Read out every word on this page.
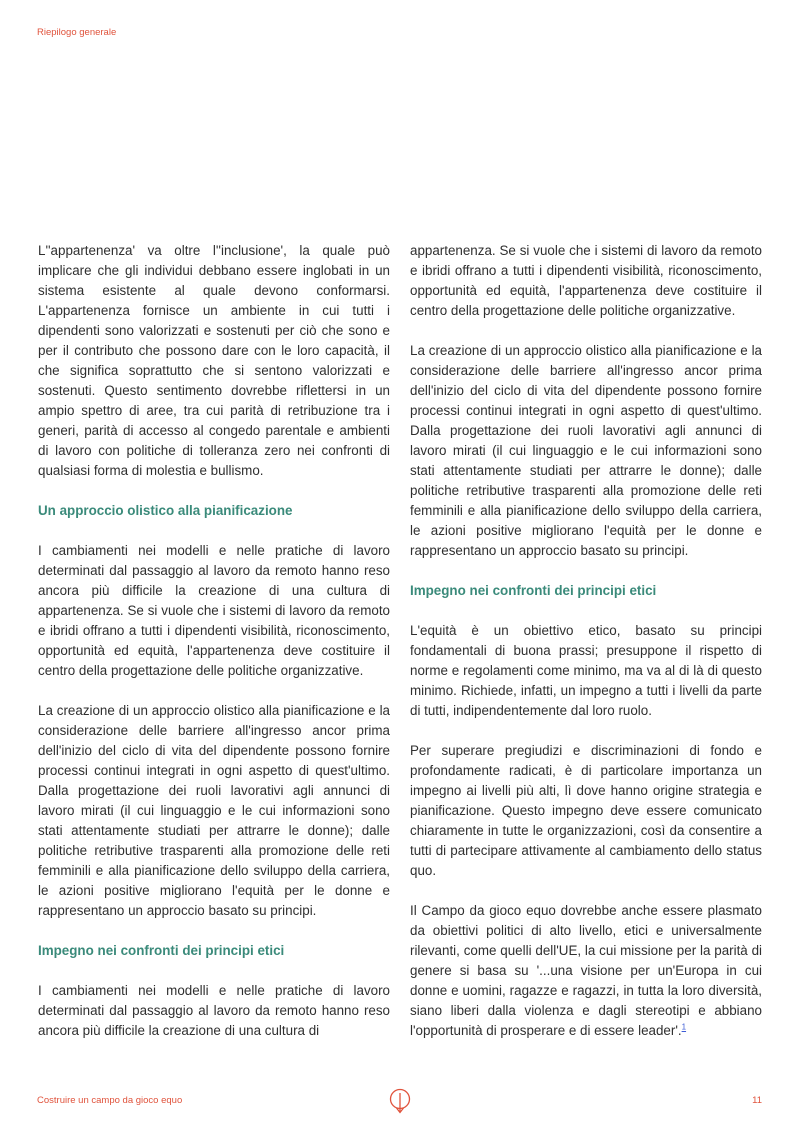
Riepilogo generale

L''appartenenza' va oltre l''inclusione', la quale può implicare che gli individui debbano essere inglobati in un sistema esistente al quale devono conformarsi. L'appartenenza fornisce un ambiente in cui tutti i dipendenti sono valorizzati e sostenuti per ciò che sono e per il contributo che possono dare con le loro capacità, il che significa soprattutto che si sentono valorizzati e sostenuti. Questo sentimento dovrebbe riflettersi in un ampio spettro di aree, tra cui parità di retribuzione tra i generi, parità di accesso al congedo parentale e ambienti di lavoro con politiche di tolleranza zero nei confronti di qualsiasi forma di molestia e bullismo.

Un approccio olistico alla pianificazione

I cambiamenti nei modelli e nelle pratiche di lavoro determinati dal passaggio al lavoro da remoto hanno reso ancora più difficile la creazione di una cultura di appartenenza. Se si vuole che i sistemi di lavoro da remoto e ibridi offrano a tutti i dipendenti visibilità, riconoscimento, opportunità ed equità, l'appartenenza deve costituire il centro della progettazione delle politiche organizzative.

La creazione di un approccio olistico alla pianificazione e la considerazione delle barriere all'ingresso ancor prima dell'inizio del ciclo di vita del dipendente possono fornire processi continui integrati in ogni aspetto di quest'ultimo. Dalla progettazione dei ruoli lavorativi agli annunci di lavoro mirati (il cui linguaggio e le cui informazioni sono stati attentamente studiati per attrarre le donne); dalle politiche retributive trasparenti alla promozione delle reti femminili e alla pianificazione dello sviluppo della carriera, le azioni positive migliorano l'equità per le donne e rappresentano un approccio basato su principi.

Impegno nei confronti dei principi etici

I cambiamenti nei modelli e nelle pratiche di lavoro determinati dal passaggio al lavoro da remoto hanno reso ancora più difficile la creazione di una cultura di

appartenenza. Se si vuole che i sistemi di lavoro da remoto e ibridi offrano a tutti i dipendenti visibilità, riconoscimento, opportunità ed equità, l'appartenenza deve costituire il centro della progettazione delle politiche organizzative.

La creazione di un approccio olistico alla pianificazione e la considerazione delle barriere all'ingresso ancor prima dell'inizio del ciclo di vita del dipendente possono fornire processi continui integrati in ogni aspetto di quest'ultimo. Dalla progettazione dei ruoli lavorativi agli annunci di lavoro mirati (il cui linguaggio e le cui informazioni sono stati attentamente studiati per attrarre le donne); dalle politiche retributive trasparenti alla promozione delle reti femminili e alla pianificazione dello sviluppo della carriera, le azioni positive migliorano l'equità per le donne e rappresentano un approccio basato su principi.

Impegno nei confronti dei principi etici

L'equità è un obiettivo etico, basato su principi fondamentali di buona prassi; presuppone il rispetto di norme e regolamenti come minimo, ma va al di là di questo minimo. Richiede, infatti, un impegno a tutti i livelli da parte di tutti, indipendentemente dal loro ruolo.

Per superare pregiudizi e discriminazioni di fondo e profondamente radicati, è di particolare importanza un impegno ai livelli più alti, lì dove hanno origine strategia e pianificazione. Questo impegno deve essere comunicato chiaramente in tutte le organizzazioni, così da consentire a tutti di partecipare attivamente al cambiamento dello status quo.

Il Campo da gioco equo dovrebbe anche essere plasmato da obiettivi politici di alto livello, etici e universalmente rilevanti, come quelli dell'UE, la cui missione per la parità di genere si basa su '...una visione per un'Europa in cui donne e uomini, ragazze e ragazzi, in tutta la loro diversità, siano liberi dalla violenza e dagli stereotipi e abbiano l'opportunità di prosperare e di essere leader'.$^1$

Costruire un campo da gioco equo	11
